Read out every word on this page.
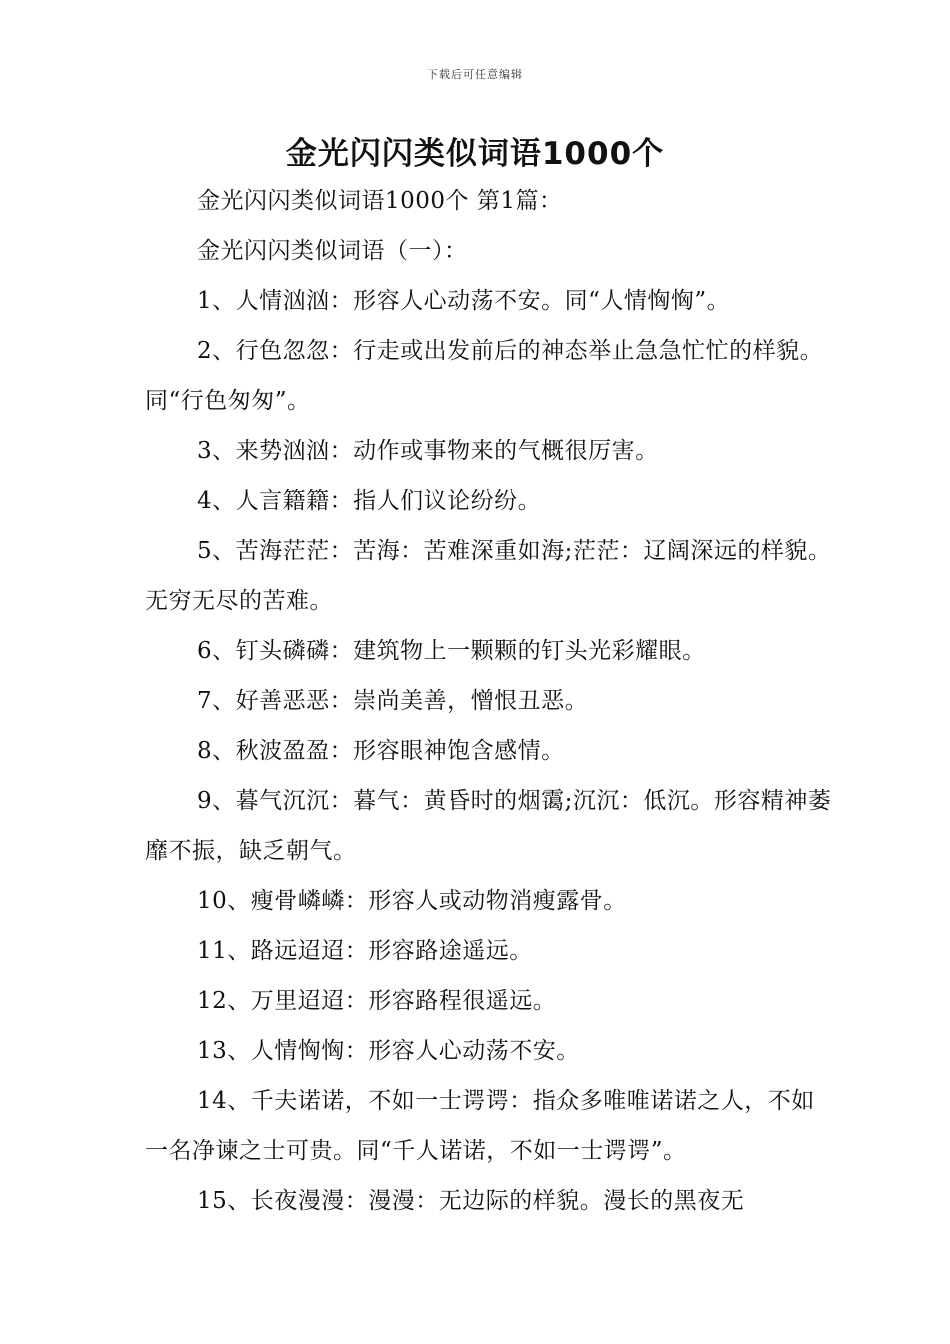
下载后可任意编辑
金光闪闪类似词语1000个

金光闪闪类似词语1000个 第1篇：

金光闪闪类似词语（一）：

1、人情汹汹：形容人心动荡不安。同“人情恟恟”。

2、行色忽忽：行走或出发前后的神态举止急急忙忙的样貌。同“行色匆匆”。

3、来势汹汹：动作或事物来的气概很厉害。

4、人言籍籍：指人们议论纷纷。

5、苦海茫茫：苦海：苦难深重如海;茫茫：辽阔深远的样貌。无穷无尽的苦难。

6、钉头磷磷：建筑物上一颗颗的钉头光彩耀眼。

7、好善恶恶：崇尚美善，憎恨丑恶。

8、秋波盈盈：形容眼神饱含感情。

9、暮气沉沉：暮气：黄昏时的烟霭;沉沉：低沉。形容精神萎靡不振，缺乏朝气。

10、瘦骨嶙嶙：形容人或动物消瘦露骨。

11、路远迢迢：形容路途遥远。

12、万里迢迢：形容路程很遥远。

13、人情恟恟：形容人心动荡不安。

14、千夫诺诺，不如一士谔谔：指众多唯唯诺诺之人，不如一名净谏之士可贵。同“千人诺诺，不如一士谔谔”。

15、长夜漫漫：漫漫：无边际的样貌。漫长的黑夜无
